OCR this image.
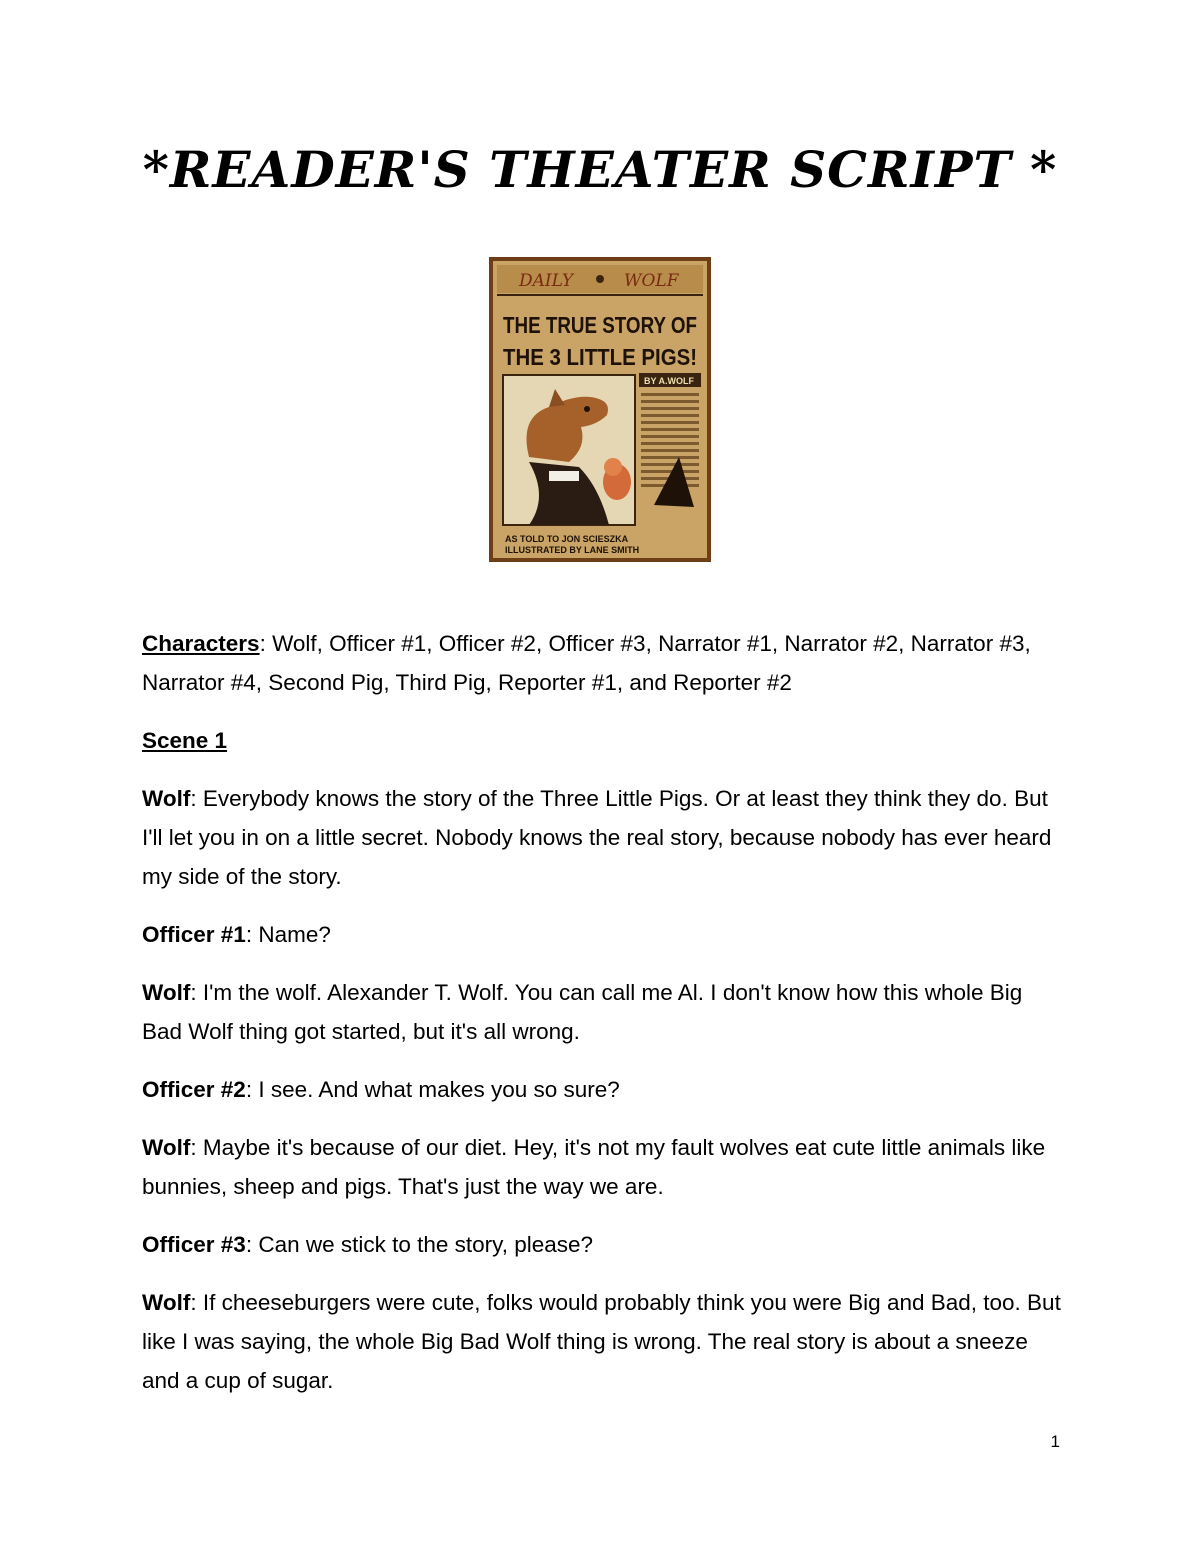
*READER'S THEATER SCRIPT *
DAILY	WOLF
THE TRUE STORY OF
THE 3 LITTLE PIGS!
BY A.WOLF
AS TOLD TO JON SCIESZKA
ILLUSTRATED BY LANE SMITH

Characters: Wolf, Officer #1, Officer #2, Officer #3, Narrator #1, Narrator #2, Narrator #3, Narrator #4, Second Pig, Third Pig, Reporter #1, and Reporter #2

Scene 1

Wolf: Everybody knows the story of the Three Little Pigs. Or at least they think they do. But I'll let you in on a little secret. Nobody knows the real story, because nobody has ever heard my side of the story.

Officer #1: Name?

Wolf: I'm the wolf. Alexander T. Wolf. You can call me Al. I don't know how this whole Big Bad Wolf thing got started, but it's all wrong.

Officer #2: I see. And what makes you so sure?

Wolf: Maybe it's because of our diet. Hey, it's not my fault wolves eat cute little animals like bunnies, sheep and pigs. That's just the way we are.

Officer #3: Can we stick to the story, please?

Wolf: If cheeseburgers were cute, folks would probably think you were Big and Bad, too. But like I was saying, the whole Big Bad Wolf thing is wrong. The real story is about a sneeze and a cup of sugar.

1
